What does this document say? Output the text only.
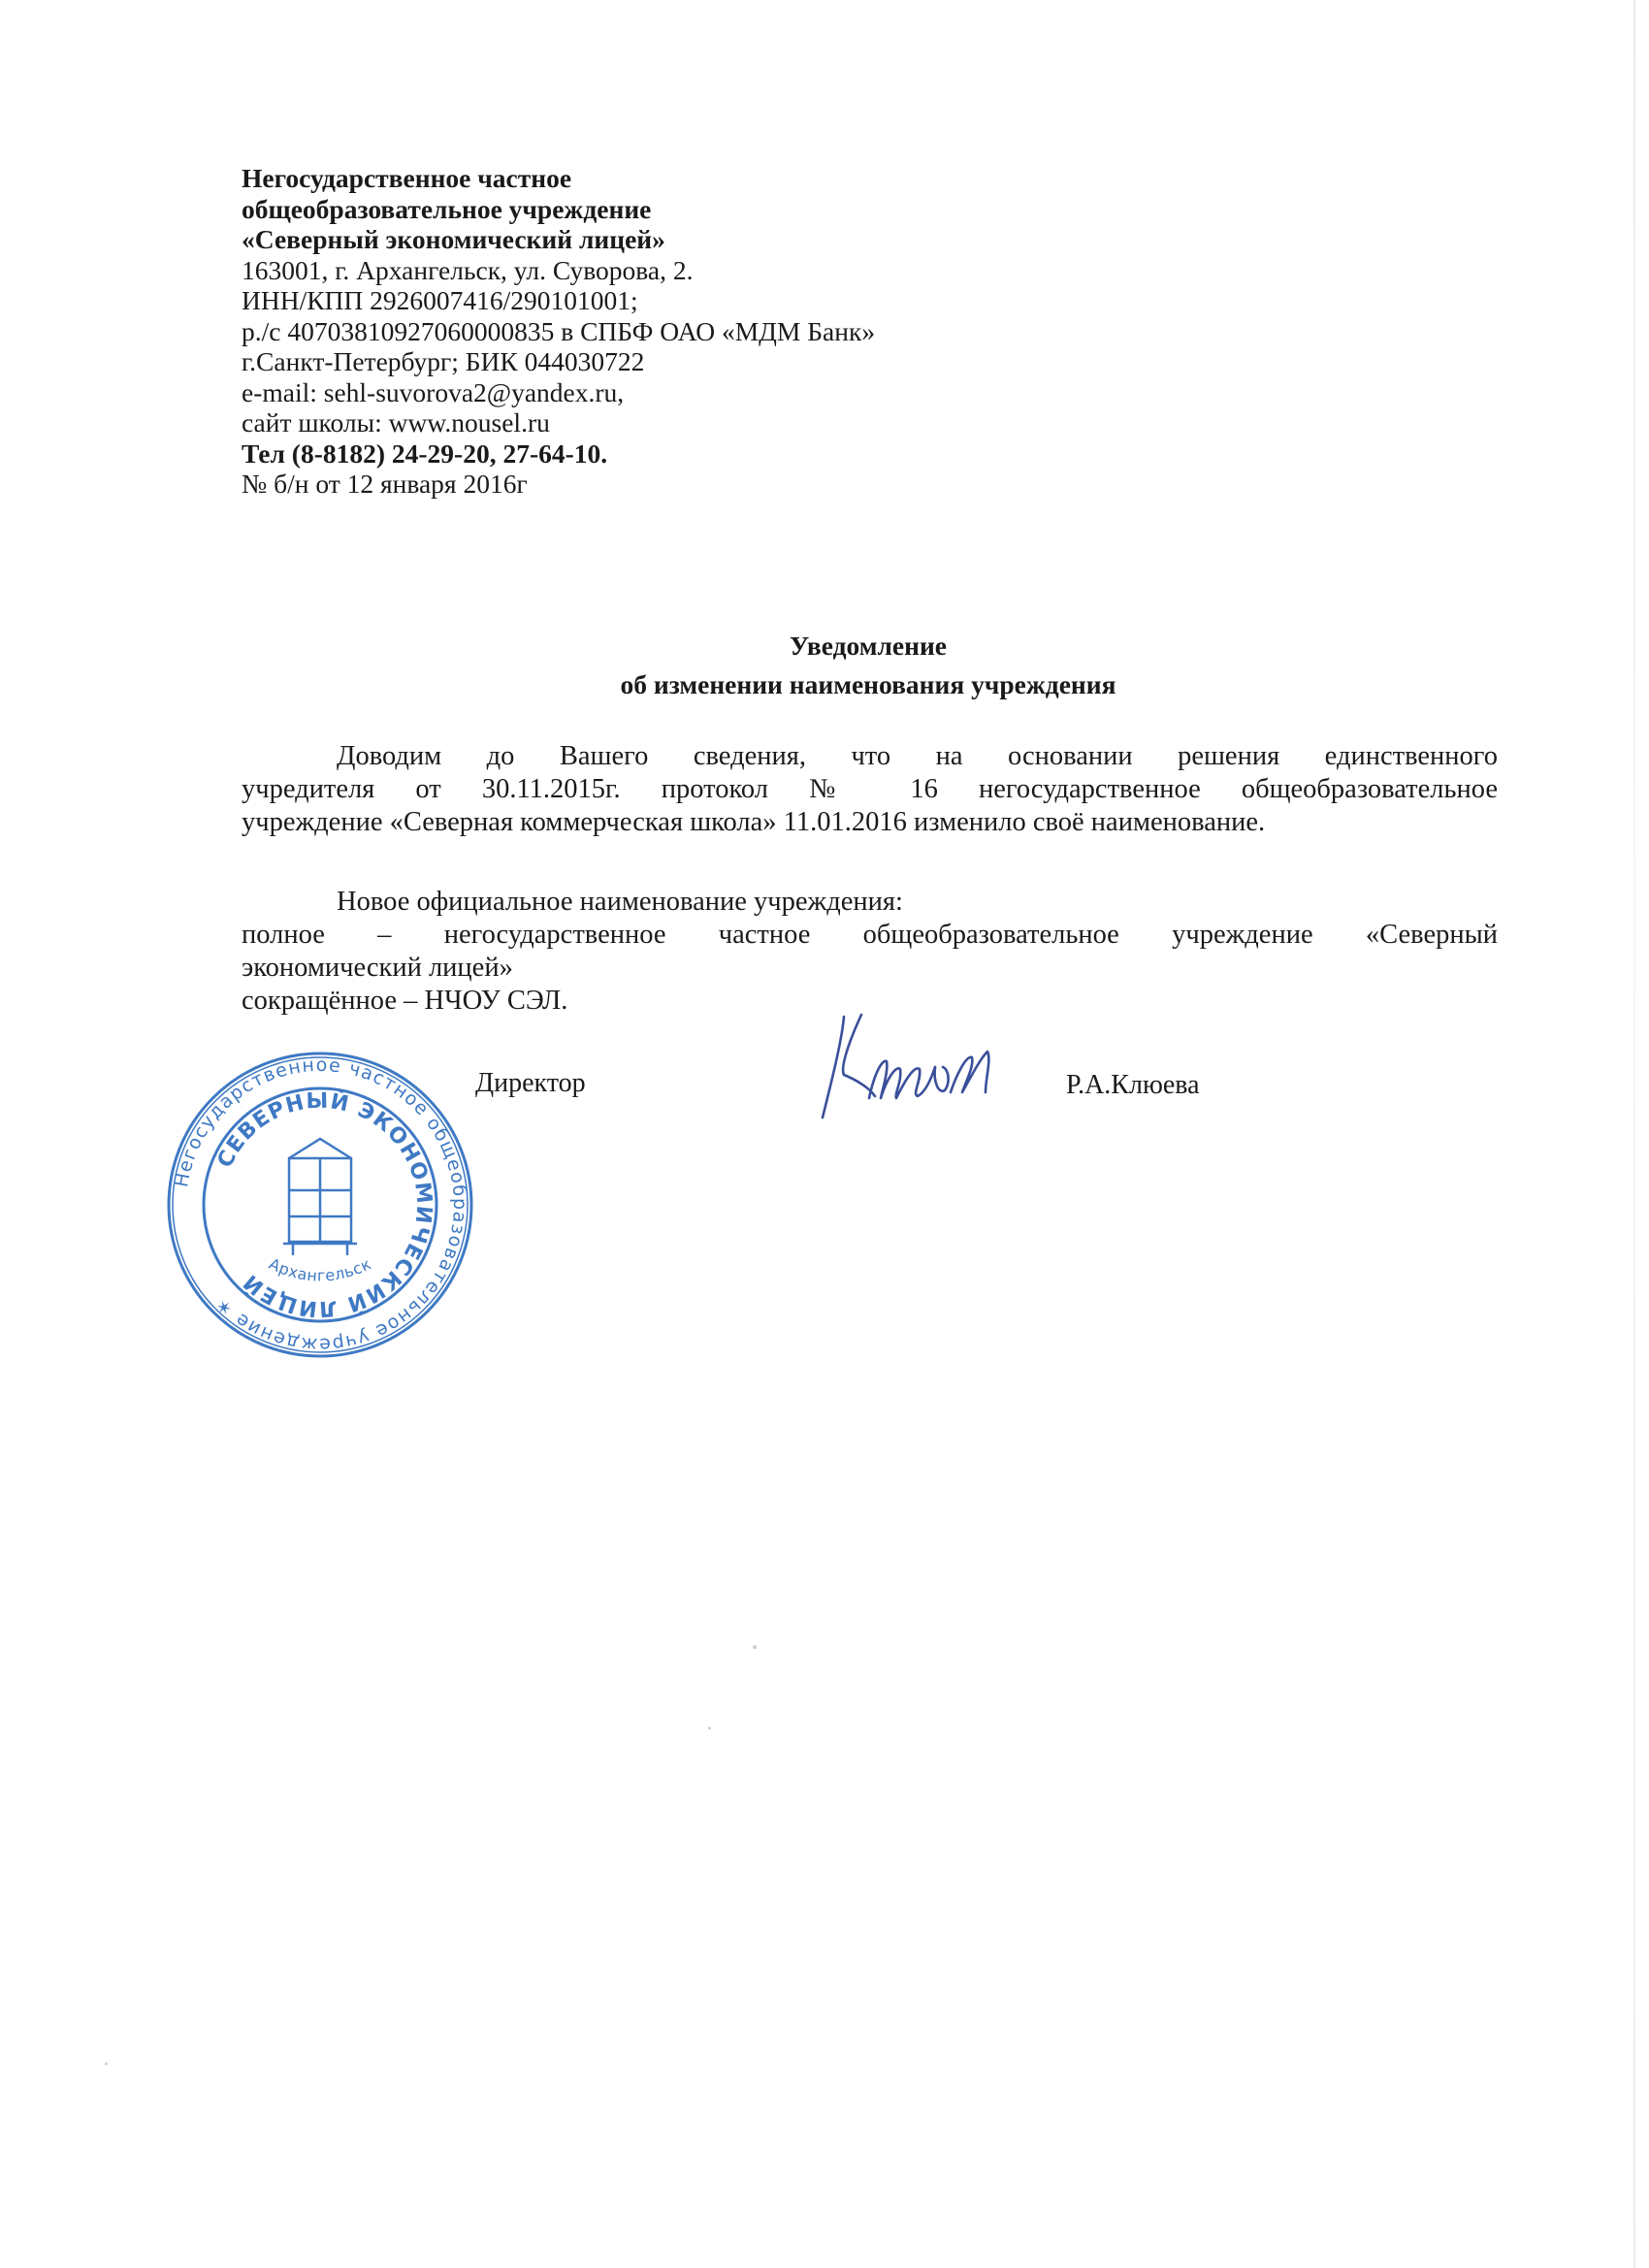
Негосударственное частное
общеобразовательное учреждение
«Северный экономический лицей»
163001, г. Архангельск, ул. Суворова, 2.
ИНН/КПП 2926007416/290101001;
р./с 40703810927060000835 в СПБФ ОАО «МДМ Банк»
г.Санкт-Петербург; БИК 044030722
e-mail: sehl-suvorova2@yandex.ru,
сайт школы: www.nousel.ru
Тел (8-8182) 24-29-20, 27-64-10.
№ б/н от 12 января 2016г
Уведомление
об изменении наименования учреждения
Доводим до Вашего сведения, что на основании решения единственного
учредителя от 30.11.2015г. протокол № 16 негосударственное общеобразовательное
учреждение «Северная коммерческая школа» 11.01.2016 изменило своё наименование.
Новое официальное наименование учреждения:
полное – негосударственное частное общеобразовательное учреждение «Северный
экономический лицей»
сокращённое – НЧОУ СЭЛ.
Директор	Р.А.Клюева
Негосударственное частное общеобразовательное учреждение ✶
СЕВЕРНЫЙ ЭКОНОМИЧЕСКИЙ ЛИЦЕЙ
Архангельск
